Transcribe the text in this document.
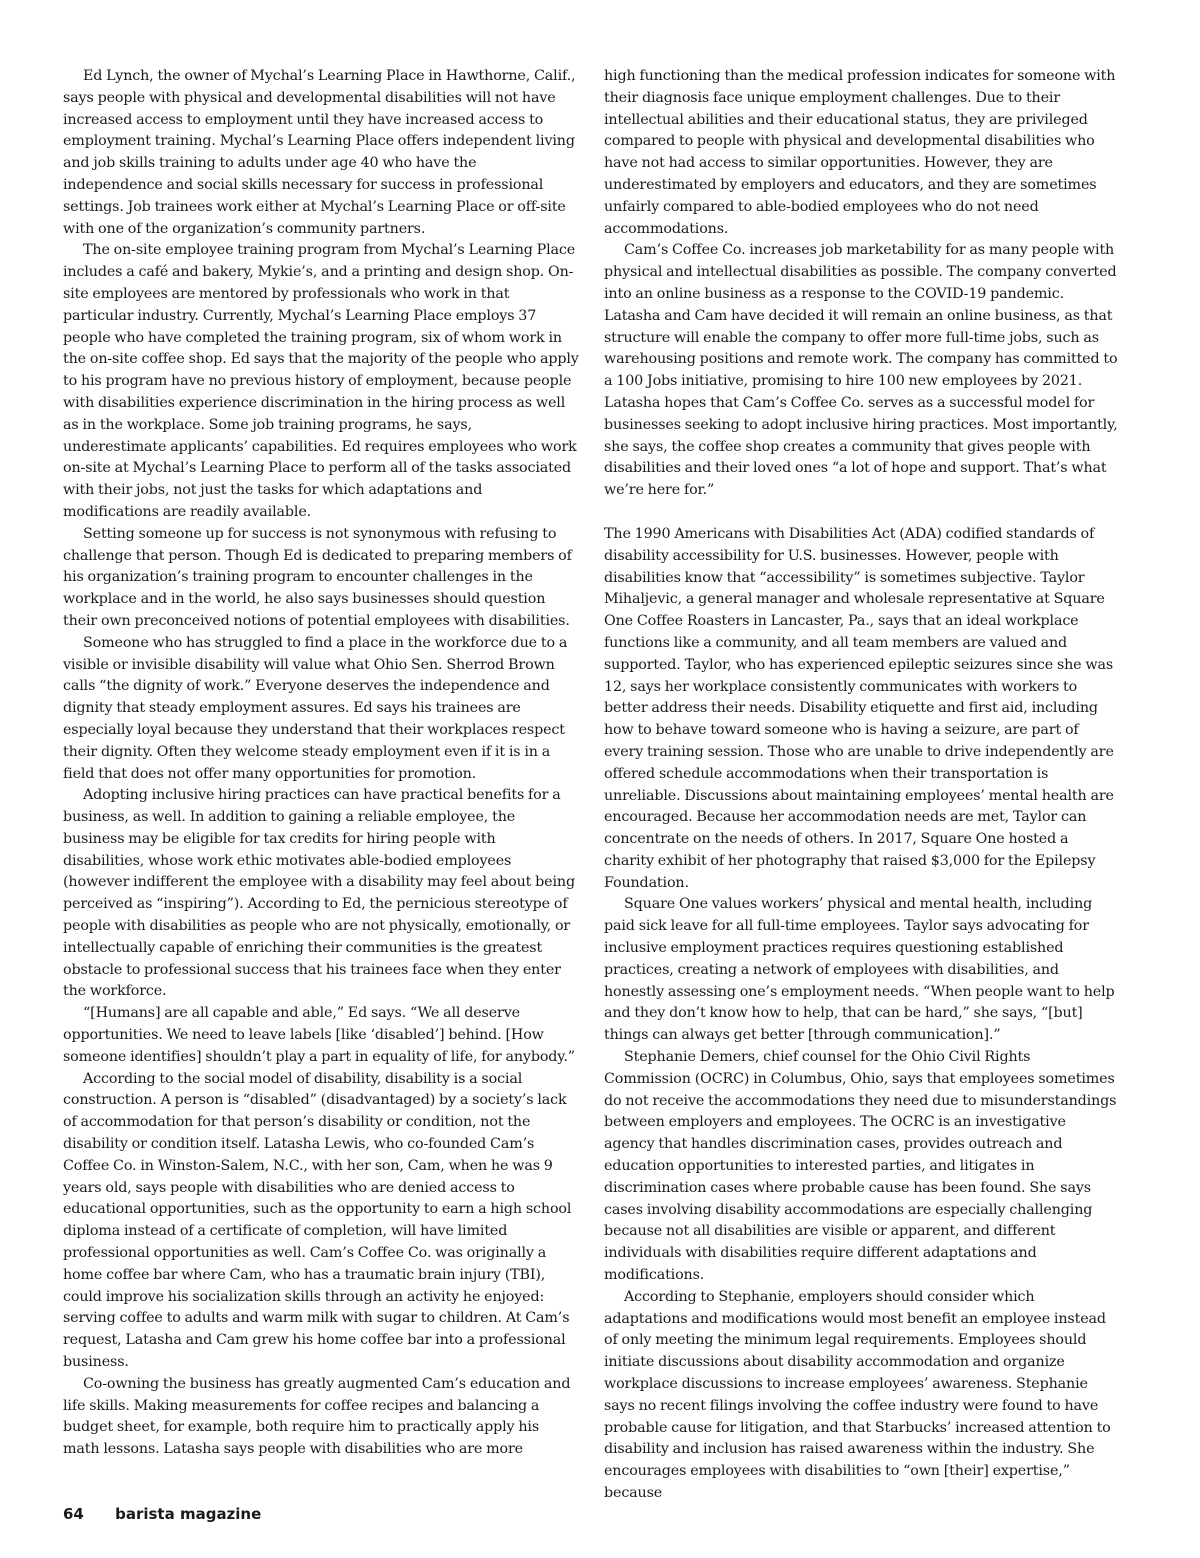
Ed Lynch, the owner of Mychal’s Learning Place in Hawthorne, Calif., says people with physical and developmental disabilities will not have increased access to employment until they have increased access to employment training. Mychal’s Learning Place offers independent living and job skills training to adults under age 40 who have the independence and social skills necessary for success in professional settings. Job trainees work either at Mychal’s Learning Place or off-site with one of the organization’s community partners.

The on-site employee training program from Mychal’s Learning Place includes a café and bakery, Mykie’s, and a printing and design shop. On-site employees are mentored by professionals who work in that particular industry. Currently, Mychal’s Learning Place employs 37 people who have completed the training program, six of whom work in the on-site coffee shop. Ed says that the majority of the people who apply to his program have no previous history of employment, because people with disabilities experience discrimination in the hiring process as well as in the workplace. Some job training programs, he says, underestimate applicants’ capabilities. Ed requires employees who work on-site at Mychal’s Learning Place to perform all of the tasks associated with their jobs, not just the tasks for which adaptations and modifications are readily available.

Setting someone up for success is not synonymous with refusing to challenge that person. Though Ed is dedicated to preparing members of his organization’s training program to encounter challenges in the workplace and in the world, he also says businesses should question their own preconceived notions of potential employees with disabilities.

Someone who has struggled to find a place in the workforce due to a visible or invisible disability will value what Ohio Sen. Sherrod Brown calls “the dignity of work.” Everyone deserves the independence and dignity that steady employment assures. Ed says his trainees are especially loyal because they understand that their workplaces respect their dignity. Often they welcome steady employment even if it is in a field that does not offer many opportunities for promotion.

Adopting inclusive hiring practices can have practical benefits for a business, as well. In addition to gaining a reliable employee, the business may be eligible for tax credits for hiring people with disabilities, whose work ethic motivates able-bodied employees (however indifferent the employee with a disability may feel about being perceived as “inspiring”). According to Ed, the pernicious stereotype of people with disabilities as people who are not physically, emotionally, or intellectually capable of enriching their communities is the greatest obstacle to professional success that his trainees face when they enter the workforce.

“[Humans] are all capable and able,” Ed says. “We all deserve opportunities. We need to leave labels [like ‘disabled’] behind. [How someone identifies] shouldn’t play a part in equality of life, for anybody.”

According to the social model of disability, disability is a social construction. A person is “disabled” (disadvantaged) by a society’s lack of accommodation for that person’s disability or condition, not the disability or condition itself. Latasha Lewis, who co-founded Cam’s Coffee Co. in Winston-Salem, N.C., with her son, Cam, when he was 9 years old, says people with disabilities who are denied access to educational opportunities, such as the opportunity to earn a high school diploma instead of a certificate of completion, will have limited professional opportunities as well. Cam’s Coffee Co. was originally a home coffee bar where Cam, who has a traumatic brain injury (TBI), could improve his socialization skills through an activity he enjoyed: serving coffee to adults and warm milk with sugar to children. At Cam’s request, Latasha and Cam grew his home coffee bar into a professional business.

Co-owning the business has greatly augmented Cam’s education and life skills. Making measurements for coffee recipes and balancing a budget sheet, for example, both require him to practically apply his math lessons. Latasha says people with disabilities who are more

high functioning than the medical profession indicates for someone with their diagnosis face unique employment challenges. Due to their intellectual abilities and their educational status, they are privileged compared to people with physical and developmental disabilities who have not had access to similar opportunities. However, they are underestimated by employers and educators, and they are sometimes unfairly compared to able-bodied employees who do not need accommodations.

Cam’s Coffee Co. increases job marketability for as many people with physical and intellectual disabilities as possible. The company converted into an online business as a response to the COVID-19 pandemic. Latasha and Cam have decided it will remain an online business, as that structure will enable the company to offer more full-time jobs, such as warehousing positions and remote work. The company has committed to a 100 Jobs initiative, promising to hire 100 new employees by 2021. Latasha hopes that Cam’s Coffee Co. serves as a successful model for businesses seeking to adopt inclusive hiring practices. Most importantly, she says, the coffee shop creates a community that gives people with disabilities and their loved ones “a lot of hope and support. That’s what we’re here for.”

The 1990 Americans with Disabilities Act (ADA) codified standards of disability accessibility for U.S. businesses. However, people with disabilities know that “accessibility” is sometimes subjective. Taylor Mihaljevic, a general manager and wholesale representative at Square One Coffee Roasters in Lancaster, Pa., says that an ideal workplace functions like a community, and all team members are valued and supported. Taylor, who has experienced epileptic seizures since she was 12, says her workplace consistently communicates with workers to better address their needs. Disability etiquette and first aid, including how to behave toward someone who is having a seizure, are part of every training session. Those who are unable to drive independently are offered schedule accommodations when their transportation is unreliable. Discussions about maintaining employees’ mental health are encouraged. Because her accommodation needs are met, Taylor can concentrate on the needs of others. In 2017, Square One hosted a charity exhibit of her photography that raised $3,000 for the Epilepsy Foundation.

Square One values workers’ physical and mental health, including paid sick leave for all full-time employees. Taylor says advocating for inclusive employment practices requires questioning established practices, creating a network of employees with disabilities, and honestly assessing one’s employment needs. “When people want to help and they don’t know how to help, that can be hard,” she says, “[but] things can always get better [through communication].”

Stephanie Demers, chief counsel for the Ohio Civil Rights Commission (OCRC) in Columbus, Ohio, says that employees sometimes do not receive the accommodations they need due to misunderstandings between employers and employees. The OCRC is an investigative agency that handles discrimination cases, provides outreach and education opportunities to interested parties, and litigates in discrimination cases where probable cause has been found. She says cases involving disability accommodations are especially challenging because not all disabilities are visible or apparent, and different individuals with disabilities require different adaptations and modifications.

According to Stephanie, employers should consider which adaptations and modifications would most benefit an employee instead of only meeting the minimum legal requirements. Employees should initiate discussions about disability accommodation and organize workplace discussions to increase employees’ awareness. Stephanie says no recent filings involving the coffee industry were found to have probable cause for litigation, and that Starbucks’ increased attention to disability and inclusion has raised awareness within the industry. She encourages employees with disabilities to “own [their] expertise,” because

64 barista magazine
